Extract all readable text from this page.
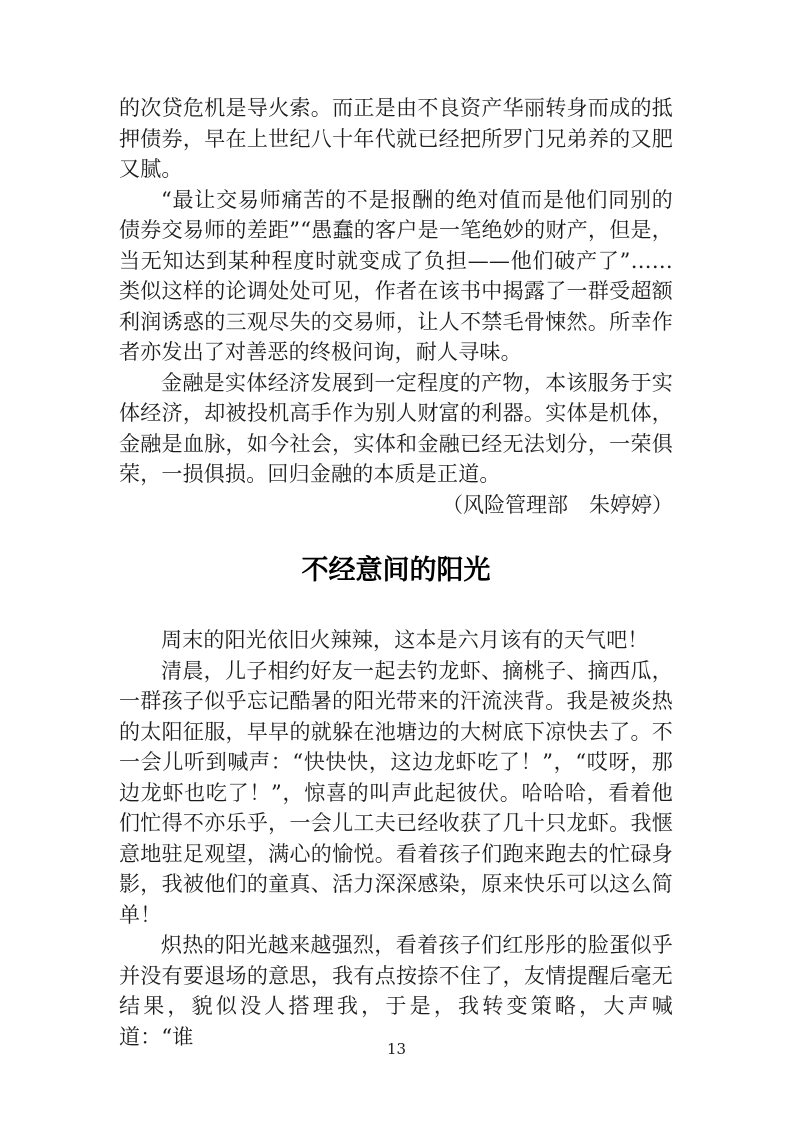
的次贷危机是导火索。而正是由不良资产华丽转身而成的抵押债券，早在上世纪八十年代就已经把所罗门兄弟养的又肥又腻。

“最让交易师痛苦的不是报酬的绝对值而是他们同别的债券交易师的差距”“愚蠢的客户是一笔绝妙的财产，但是，当无知达到某种程度时就变成了负担——他们破产了”……类似这样的论调处处可见，作者在该书中揭露了一群受超额利润诱惑的三观尽失的交易师，让人不禁毛骨悚然。所幸作者亦发出了对善恶的终极问询，耐人寻味。

金融是实体经济发展到一定程度的产物，本该服务于实体经济，却被投机高手作为别人财富的利器。实体是机体，金融是血脉，如今社会，实体和金融已经无法划分，一荣俱荣，一损俱损。回归金融的本质是正道。

（风险管理部　朱婷婷）

不经意间的阳光

周末的阳光依旧火辣辣，这本是六月该有的天气吧！

清晨，儿子相约好友一起去钓龙虾、摘桃子、摘西瓜，一群孩子似乎忘记酷暑的阳光带来的汗流浃背。我是被炎热的太阳征服，早早的就躲在池塘边的大树底下凉快去了。不一会儿听到喊声：“快快快，这边龙虾吃了！”，“哎呀，那边龙虾也吃了！”，惊喜的叫声此起彼伏。哈哈哈，看着他们忙得不亦乐乎，一会儿工夫已经收获了几十只龙虾。我惬意地驻足观望，满心的愉悦。看着孩子们跑来跑去的忙碌身影，我被他们的童真、活力深深感染，原来快乐可以这么简单！

炽热的阳光越来越强烈，看着孩子们红彤彤的脸蛋似乎并没有要退场的意思，我有点按捺不住了，友情提醒后毫无结果，貌似没人搭理我，于是，我转变策略，大声喊道：“谁

13
